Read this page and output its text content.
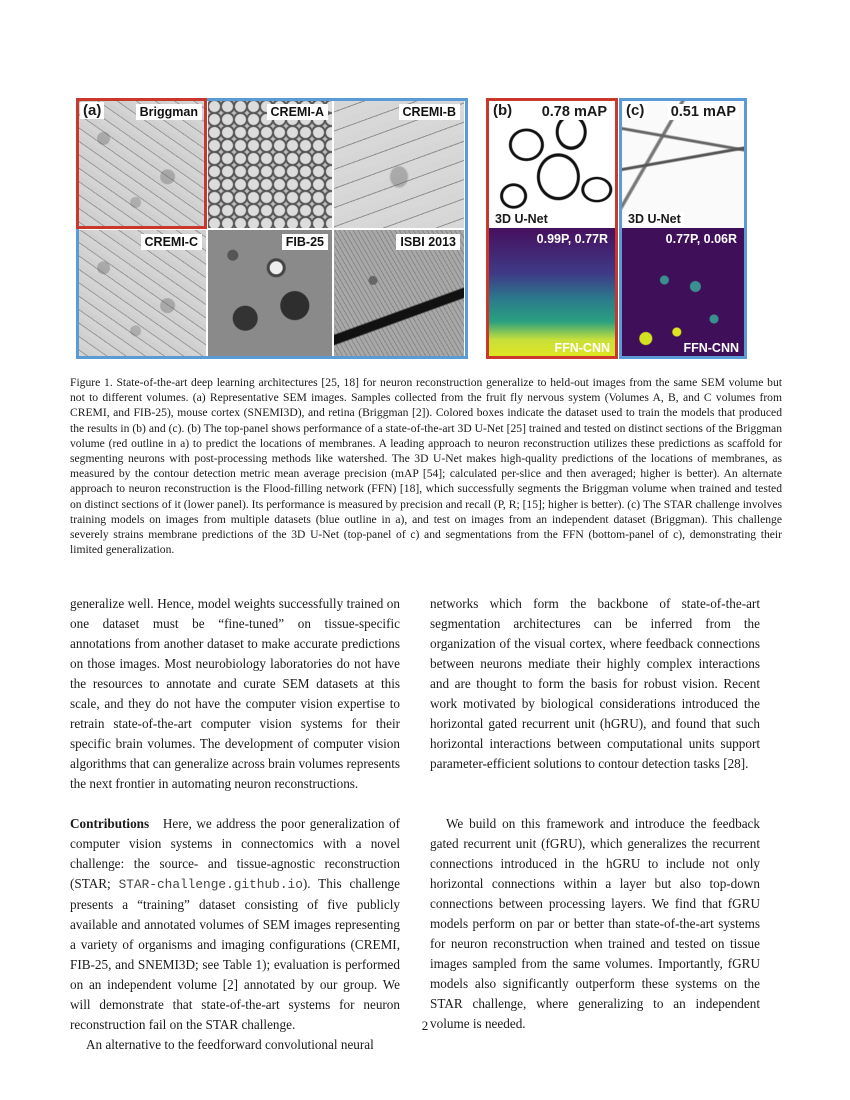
Briggman	CREMI-A	CREMI-B
CREMI-C	FIB-25	ISBI 2013
(a)	0.78 mAP
3D U-Net
0.99P, 0.77R
FFN-CNN
(b)	0.51 mAP
3D U-Net
0.77P, 0.06R
FFN-CNN
(c)
Figure 1. State-of-the-art deep learning architectures [25, 18] for neuron reconstruction generalize to held-out images from the same SEM volume but not to different volumes. (a) Representative SEM images. Samples collected from the fruit fly nervous system (Volumes A, B, and C volumes from CREMI, and FIB-25), mouse cortex (SNEMI3D), and retina (Briggman [2]). Colored boxes indicate the dataset used to train the models that produced the results in (b) and (c). (b) The top-panel shows performance of a state-of-the-art 3D U-Net [25] trained and tested on distinct sections of the Briggman volume (red outline in a) to predict the locations of membranes. A leading approach to neuron reconstruction utilizes these predictions as scaffold for segmenting neurons with post-processing methods like watershed. The 3D U-Net makes high-quality predictions of the locations of membranes, as measured by the contour detection metric mean average precision (mAP [54]; calculated per-slice and then averaged; higher is better). An alternate approach to neuron reconstruction is the Flood-filling network (FFN) [18], which successfully segments the Briggman volume when trained and tested on distinct sections of it (lower panel). Its performance is measured by precision and recall (P, R; [15]; higher is better). (c) The STAR challenge involves training models on images from multiple datasets (blue outline in a), and test on images from an independent dataset (Briggman). This challenge severely strains membrane predictions of the 3D U-Net (top-panel of c) and segmentations from the FFN (bottom-panel of c), demonstrating their limited generalization.

generalize well. Hence, model weights successfully trained on one dataset must be “fine-tuned” on tissue-specific annotations from another dataset to make accurate predictions on those images. Most neurobiology laboratories do not have the resources to annotate and curate SEM datasets at this scale, and they do not have the computer vision expertise to retrain state-of-the-art computer vision systems for their specific brain volumes. The development of computer vision algorithms that can generalize across brain volumes represents the next frontier in automating neuron reconstructions.

Contributions Here, we address the poor generalization of computer vision systems in connectomics with a novel challenge: the source- and tissue-agnostic reconstruction (STAR; STAR-challenge.github.io). This challenge presents a “training” dataset consisting of five publicly available and annotated volumes of SEM images representing a variety of organisms and imaging configurations (CREMI, FIB-25, and SNEMI3D; see Table 1); evaluation is performed on an independent volume [2] annotated by our group. We will demonstrate that state-of-the-art systems for neuron reconstruction fail on the STAR challenge.

An alternative to the feedforward convolutional neural

networks which form the backbone of state-of-the-art segmentation architectures can be inferred from the organization of the visual cortex, where feedback connections between neurons mediate their highly complex interactions and are thought to form the basis for robust vision. Recent work motivated by biological considerations introduced the horizontal gated recurrent unit (hGRU), and found that such horizontal interactions between computational units support parameter-efficient solutions to contour detection tasks [28].

We build on this framework and introduce the feedback gated recurrent unit (fGRU), which generalizes the recurrent connections introduced in the hGRU to include not only horizontal connections within a layer but also top-down connections between processing layers. We find that fGRU models perform on par or better than state-of-the-art systems for neuron reconstruction when trained and tested on tissue images sampled from the same volumes. Importantly, fGRU models also significantly outperform these systems on the STAR challenge, where generalizing to an independent volume is needed.

2
